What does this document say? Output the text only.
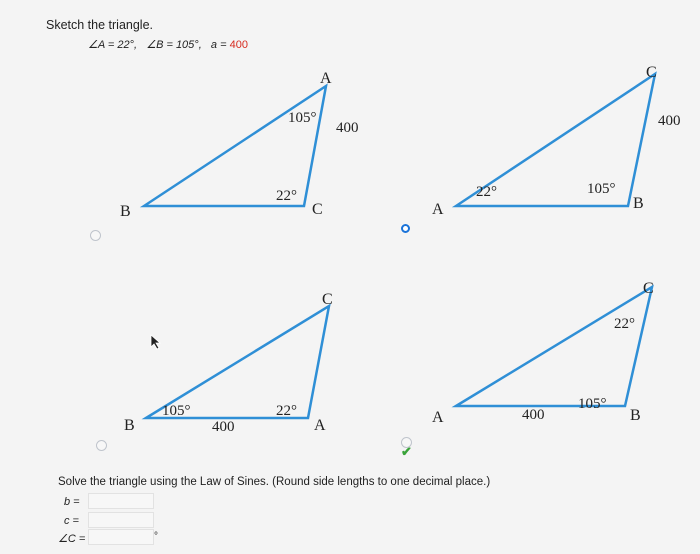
Sketch the triangle.
∠A = 22°, ∠B = 105°, a = 400
B
A
C
105°
22°
400
A
C
B
22°	105°
400
B
C
A
105°	22°
400
A
C
B
22°
105°
400
✔
Solve the triangle using the Law of Sines. (Round side lengths to one decimal place.)
b =
c =
∠C =	°
